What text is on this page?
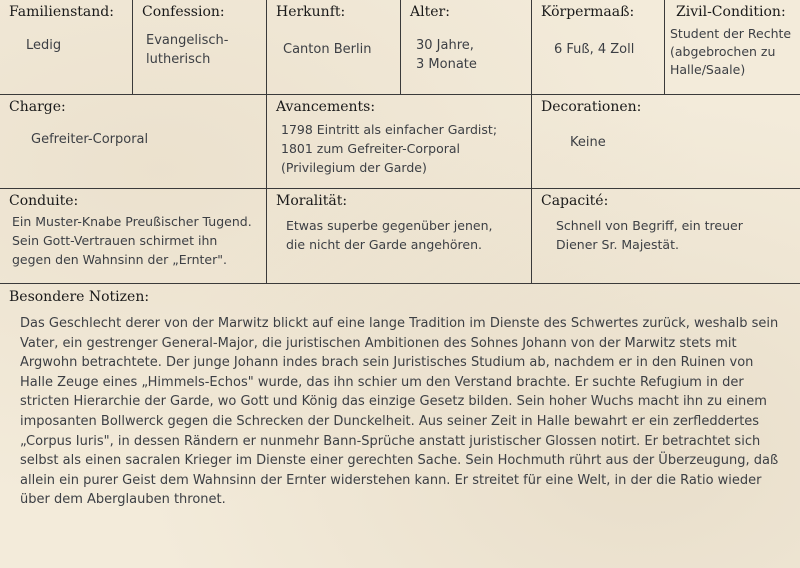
Familienstand:
Ledig
Confession:
Evangelisch-
lutherisch
Herkunft:
Canton Berlin
Alter:
30 Jahre,
3 Monate
Körpermaaß:
6 Fuß, 4 Zoll
Zivil-Condition:
Student der Rechte
(abgebrochen zu
Halle/Saale)
Charge:
Gefreiter-Corporal
Avancements:
1798 Eintritt als einfacher Gardist;
1801 zum Gefreiter-Corporal
(Privilegium der Garde)
Decorationen:
Keine
Conduite:
Ein Muster-Knabe Preußischer Tugend.
Sein Gott-Vertrauen schirmet ihn
gegen den Wahnsinn der „Ernter".
Moralität:
Etwas superbe gegenüber jenen,
die nicht der Garde angehören.
Capacité:
Schnell von Begriff, ein treuer
Diener Sr. Majestät.
Besondere Notizen:
Das Geschlecht derer von der Marwitz blickt auf eine lange Tradition im Dienste des Schwertes zurück, weshalb sein Vater, ein gestrenger General-Major, die juristischen Ambitionen des Sohnes Johann von der Marwitz stets mit Argwohn betrachtete. Der junge Johann indes brach sein Juristisches Studium ab, nachdem er in den Ruinen von Halle Zeuge eines „Himmels-Echos" wurde, das ihn schier um den Verstand brachte. Er suchte Refugium in der stricten Hierarchie der Garde, wo Gott und König das einzige Gesetz bilden. Sein hoher Wuchs macht ihn zu einem imposanten Bollwerck gegen die Schrecken der Dunckelheit. Aus seiner Zeit in Halle bewahrt er ein zerfleddertes „Corpus Iuris", in dessen Rändern er nunmehr Bann-Sprüche anstatt juristischer Glossen notirt. Er betrachtet sich selbst als einen sacralen Krieger im Dienste einer gerechten Sache. Sein Hochmuth rührt aus der Überzeugung, daß allein ein purer Geist dem Wahnsinn der Ernter widerstehen kann. Er streitet für eine Welt, in der die Ratio wieder über dem Aberglauben thronet.
